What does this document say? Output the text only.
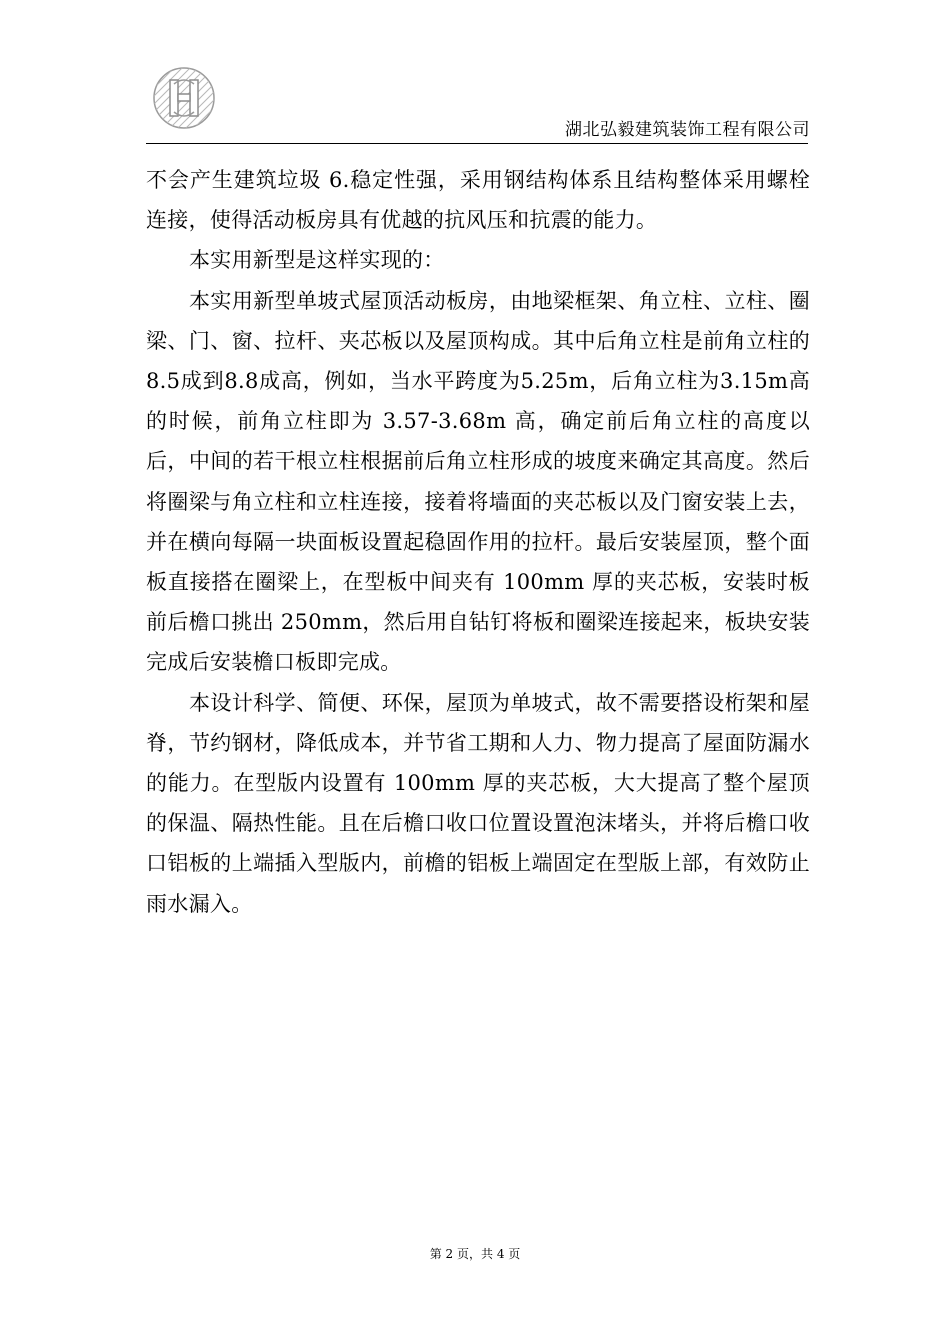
湖北弘毅建筑装饰工程有限公司

不会产生建筑垃圾 6.稳定性强，采用钢结构体系且结构整体采用螺栓连接，使得活动板房具有优越的抗风压和抗震的能力。

本实用新型是这样实现的：

本实用新型单坡式屋顶活动板房，由地梁框架、角立柱、立柱、圈梁、门、窗、拉杆、夹芯板以及屋顶构成。其中后角立柱是前角立柱的8.5成到8.8成高，例如，当水平跨度为5.25m，后角立柱为3.15m高的时候，前角立柱即为 3.57-3.68m 高，确定前后角立柱的高度以后，中间的若干根立柱根据前后角立柱形成的坡度来确定其高度。然后将圈梁与角立柱和立柱连接，接着将墙面的夹芯板以及门窗安装上去，并在横向每隔一块面板设置起稳固作用的拉杆。最后安装屋顶，整个面板直接搭在圈梁上，在型板中间夹有 100mm 厚的夹芯板，安装时板前后檐口挑出 250mm，然后用自钻钉将板和圈梁连接起来，板块安装完成后安装檐口板即完成。

本设计科学、简便、环保，屋顶为单坡式，故不需要搭设桁架和屋脊，节约钢材，降低成本，并节省工期和人力、物力提高了屋面防漏水的能力。在型版内设置有 100mm 厚的夹芯板，大大提高了整个屋顶的保温、隔热性能。且在后檐口收口位置设置泡沫堵头，并将后檐口收口铝板的上端插入型版内，前檐的铝板上端固定在型版上部，有效防止雨水漏入。

第 2 页，共 4 页
